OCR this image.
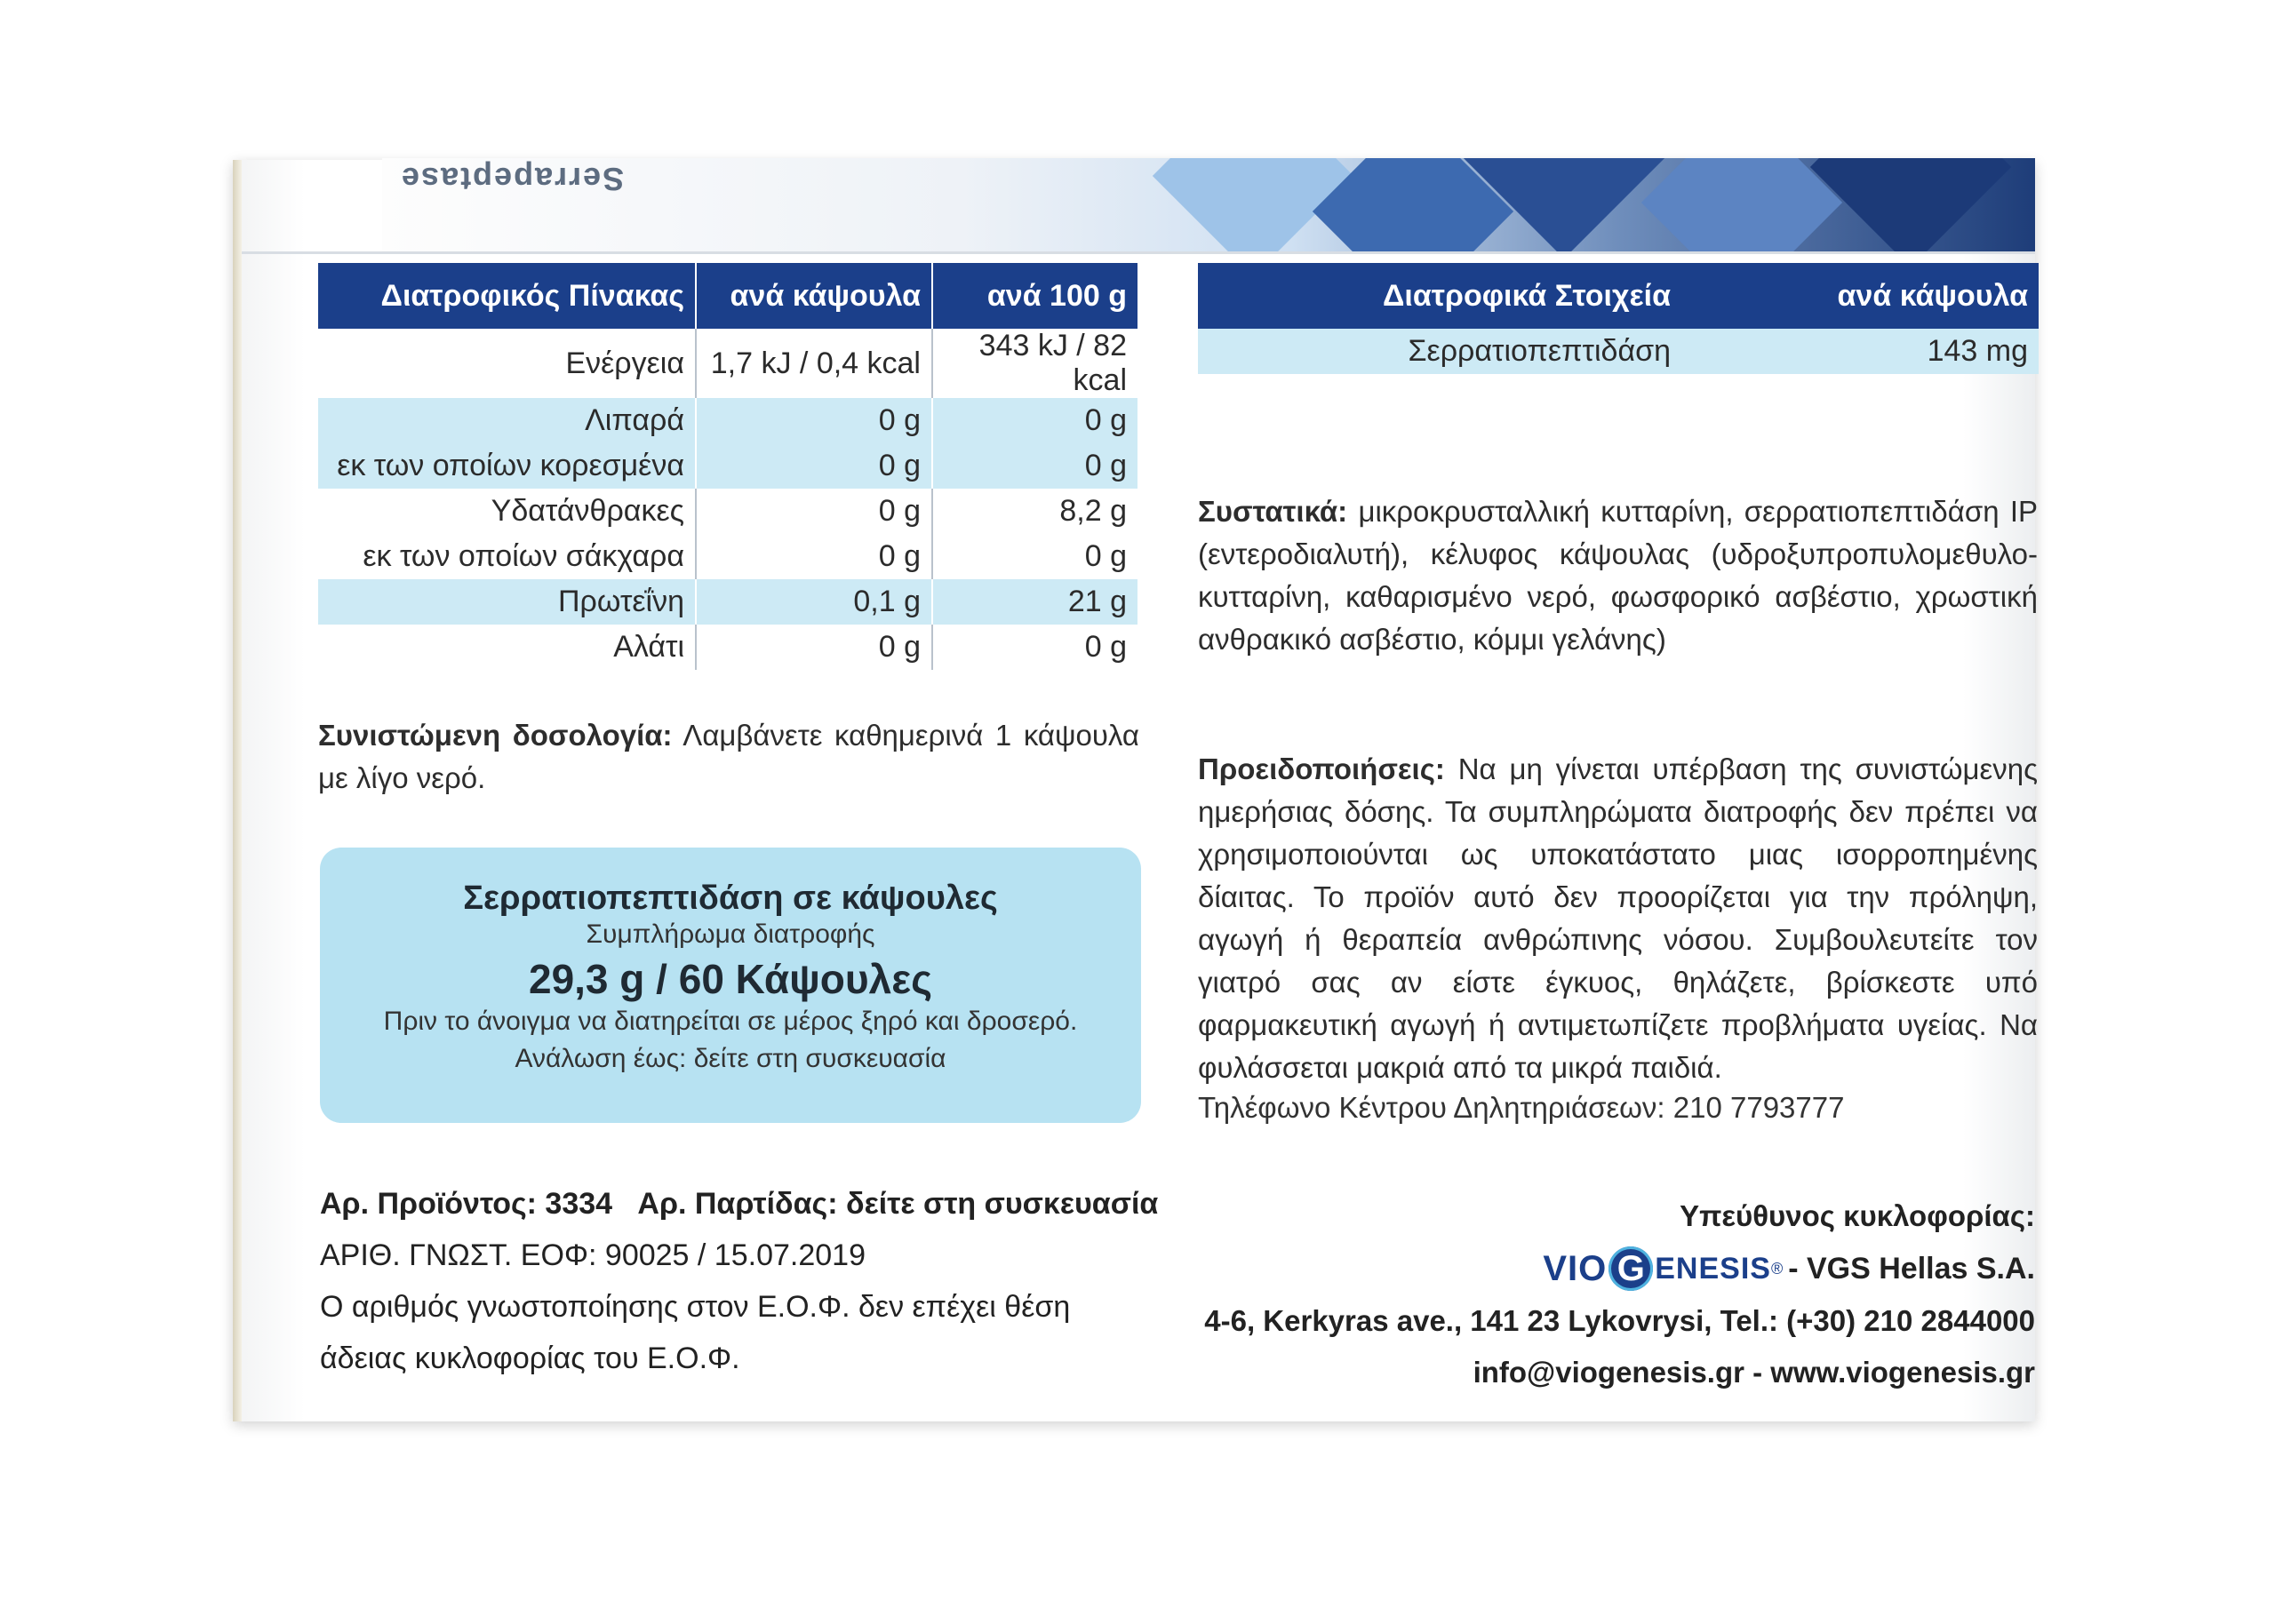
Serrapeptase
Διατροφικός Πίνακας	ανά κάψουλα	ανά 100 g
Ενέργεια	1,7 kJ / 0,4 kcal	343 kJ / 82 kcal
Λιπαρά	0 g	0 g
εκ των οποίων κορεσμένα	0 g	0 g
Υδατάνθρακες	0 g	8,2 g
εκ των οποίων σάκχαρα	0 g	0 g
Πρωτεΐνη	0,1 g	21 g
Αλάτι	0 g	0 g
Διατροφικά Στοιχεία	ανά κάψουλα
Σερρατιοπεπτιδάση	143 mg
Συνιστώμενη δοσολογία: Λαμβάνετε καθημερινά 1 κάψουλα με λίγο νερό.
Συστατικά: μικροκρυσταλλική κυτταρίνη, σερρατιοπεπτιδάση IP (εντεροδιαλυτή), κέλυφος κάψουλας (υδροξυπροπυλομεθυλο-κυτταρίνη, καθαρισμένο νερό, φωσφορικό ασβέστιο, χρωστική ανθρακικό ασβέστιο, κόμμι γελάνης)
Προειδοποιήσεις: Να μη γίνεται υπέρβαση της συνιστώμενης ημερήσιας δόσης. Τα συμπληρώματα διατροφής δεν πρέπει να χρησιμοποιούνται ως υποκατάστατο μιας ισορροπημένης δίαιτας. Το προϊόν αυτό δεν προορίζεται για την πρόληψη, αγωγή ή θεραπεία ανθρώπινης νόσου. Συμβουλευτείτε τον γιατρό σας αν είστε έγκυος, θηλάζετε, βρίσκεστε υπό φαρμακευτική αγωγή ή αντιμετωπίζετε προβλήματα υγείας. Να φυλάσσεται μακριά από τα μικρά παιδιά.
Τηλέφωνο Κέντρου Δηλητηριάσεων: 210 7793777
Σερρατιοπεπτιδάση σε κάψουλες
Συμπλήρωμα διατροφής
29,3 g / 60 Κάψουλες
Πριν το άνοιγμα να διατηρείται σε μέρος ξηρό και δροσερό.
Ανάλωση έως: δείτε στη συσκευασία
Αρ. Προϊόντος: 3334 Αρ. Παρτίδας: δείτε στη συσκευασία
ΑΡΙΘ. ΓΝΩΣΤ. ΕΟΦ: 90025 / 15.07.2019
Ο αριθμός γνωστοποίησης στον Ε.Ο.Φ. δεν επέχει θέση
άδειας κυκλοφορίας του Ε.Ο.Φ.
Υπεύθυνος κυκλοφορίας:
VIO G ENESIS ® - VGS Hellas S.A.
4-6, Kerkyras ave., 141 23 Lykovrysi, Tel.: (+30) 210 2844000
info@viogenesis.gr - www.viogenesis.gr
